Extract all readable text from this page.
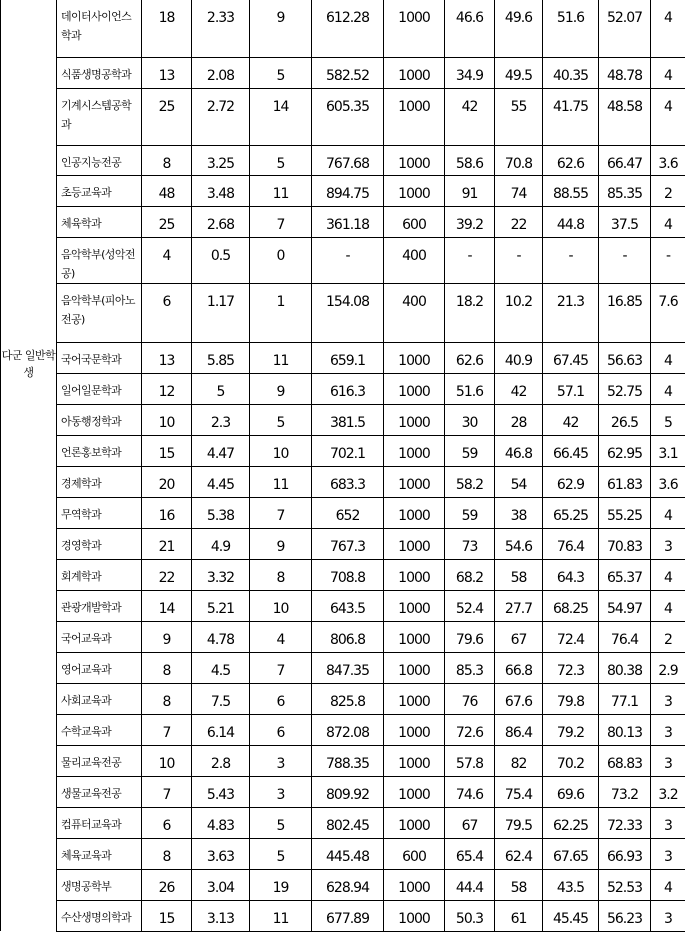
	데이터사이언스학과	18	2.33	9	612.28	1000	46.6	49.6	51.6	52.07	4
	식품생명공학과	13	2.08	5	582.52	1000	34.9	49.5	40.35	48.78	4
	기계시스템공학과	25	2.72	14	605.35	1000	42	55	41.75	48.58	4
	인공지능전공	8	3.25	5	767.68	1000	58.6	70.8	62.6	66.47	3.6
	초등교육과	48	3.48	11	894.75	1000	91	74	88.55	85.35	2
	체육학과	25	2.68	7	361.18	600	39.2	22	44.8	37.5	4
	음악학부(성악전공)	4	0.5	0	-	400	-	-	-	-	-
	음악학부(피아노전공)	6	1.17	1	154.08	400	18.2	10.2	21.3	16.85	7.6
다군 일반학생	국어국문학과	13	5.85	11	659.1	1000	62.6	40.9	67.45	56.63	4
	일어일문학과	12	5	9	616.3	1000	51.6	42	57.1	52.75	4
	아동행정학과	10	2.3	5	381.5	1000	30	28	42	26.5	5
	언론홍보학과	15	4.47	10	702.1	1000	59	46.8	66.45	62.95	3.1
	경제학과	20	4.45	11	683.3	1000	58.2	54	62.9	61.83	3.6
	무역학과	16	5.38	7	652	1000	59	38	65.25	55.25	4
	경영학과	21	4.9	9	767.3	1000	73	54.6	76.4	70.83	3
	회계학과	22	3.32	8	708.8	1000	68.2	58	64.3	65.37	4
	관광개발학과	14	5.21	10	643.5	1000	52.4	27.7	68.25	54.97	4
	국어교육과	9	4.78	4	806.8	1000	79.6	67	72.4	76.4	2
	영어교육과	8	4.5	7	847.35	1000	85.3	66.8	72.3	80.38	2.9
	사회교육과	8	7.5	6	825.8	1000	76	67.6	79.8	77.1	3
	수학교육과	7	6.14	6	872.08	1000	72.6	86.4	79.2	80.13	3
	물리교육전공	10	2.8	3	788.35	1000	57.8	82	70.2	68.83	3
	생물교육전공	7	5.43	3	809.92	1000	74.6	75.4	69.6	73.2	3.2
	컴퓨터교육과	6	4.83	5	802.45	1000	67	79.5	62.25	72.33	3
	체육교육과	8	3.63	5	445.48	600	65.4	62.4	67.65	66.93	3
	생명공학부	26	3.04	19	628.94	1000	44.4	58	43.5	52.53	4
	수산생명의학과	15	3.13	11	677.89	1000	50.3	61	45.45	56.23	3
